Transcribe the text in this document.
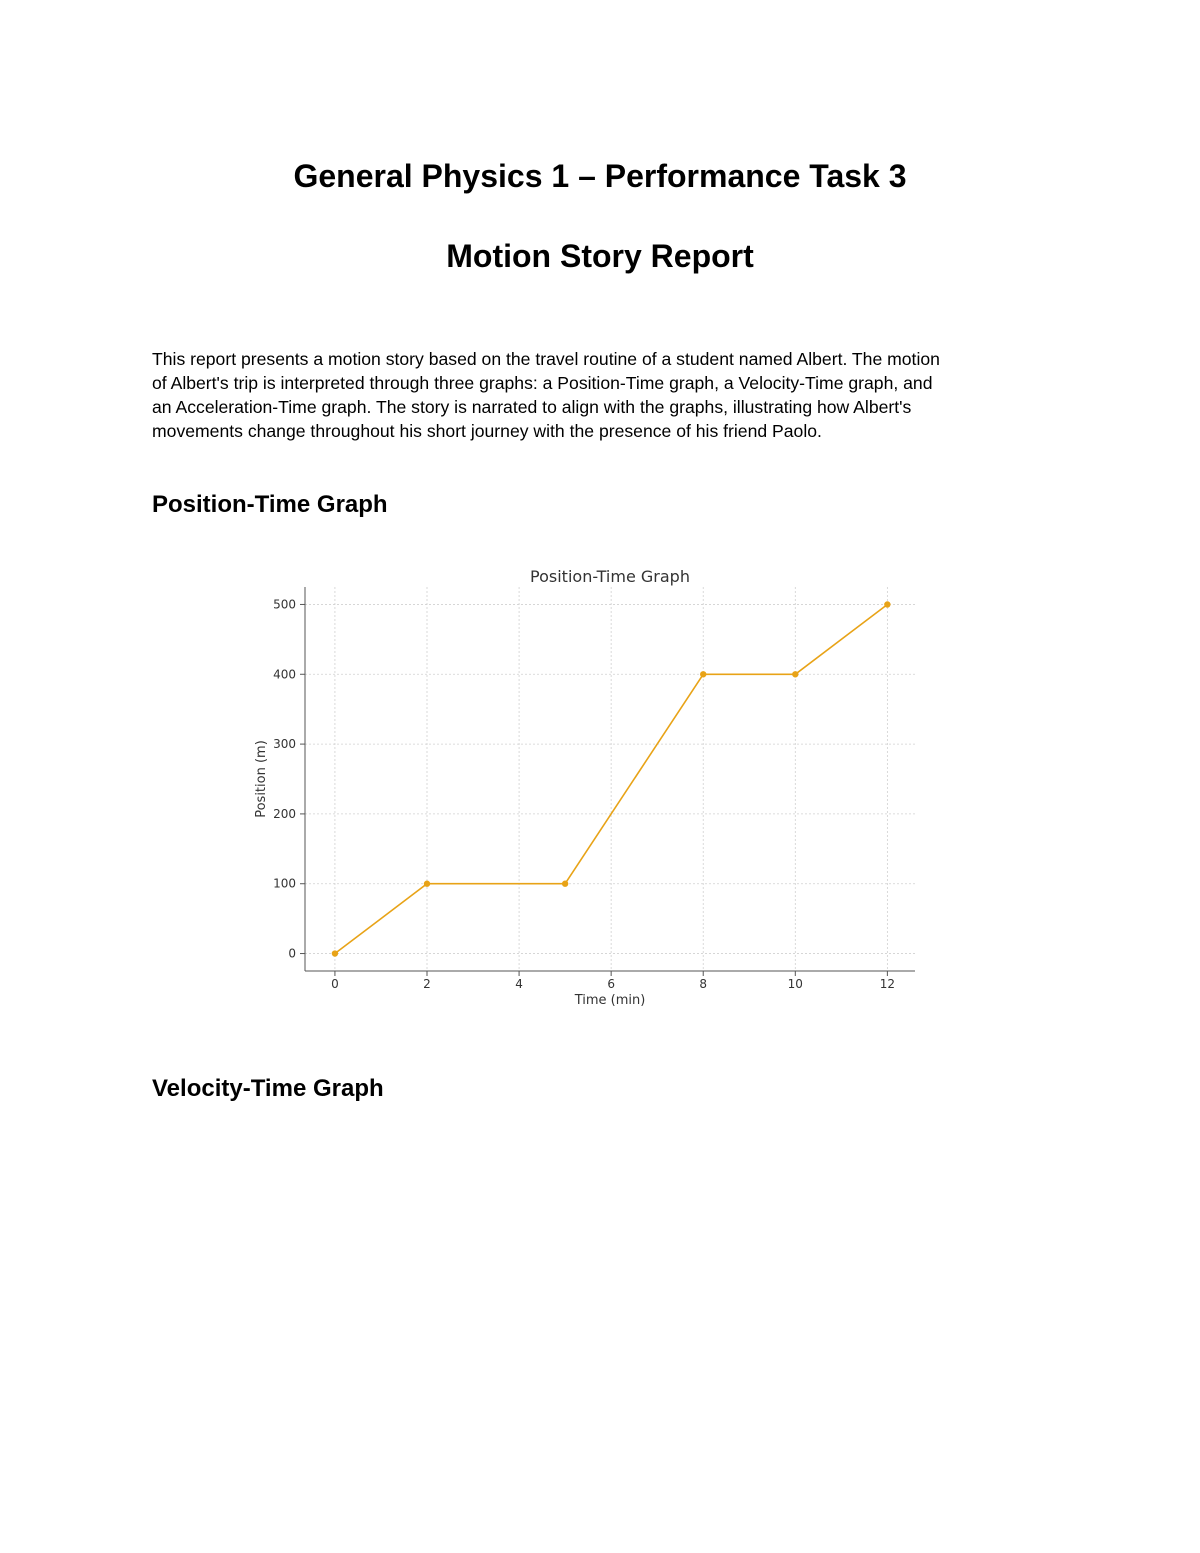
General Physics 1 – Performance Task 3
Motion Story Report

This report presents a motion story based on the travel routine of a student named Albert. The motion
of Albert's trip is interpreted through three graphs: a Position-Time graph, a Velocity-Time graph, and
an Acceleration-Time graph. The story is narrated to align with the graphs, illustrating how Albert's
movements change throughout his short journey with the presence of his friend Paolo.

Position-Time Graph
0	2	4	6	8	10	12
0
100
200
300
400
500
Position-Time Graph
Time (min)
Position (m)
Velocity-Time Graph
